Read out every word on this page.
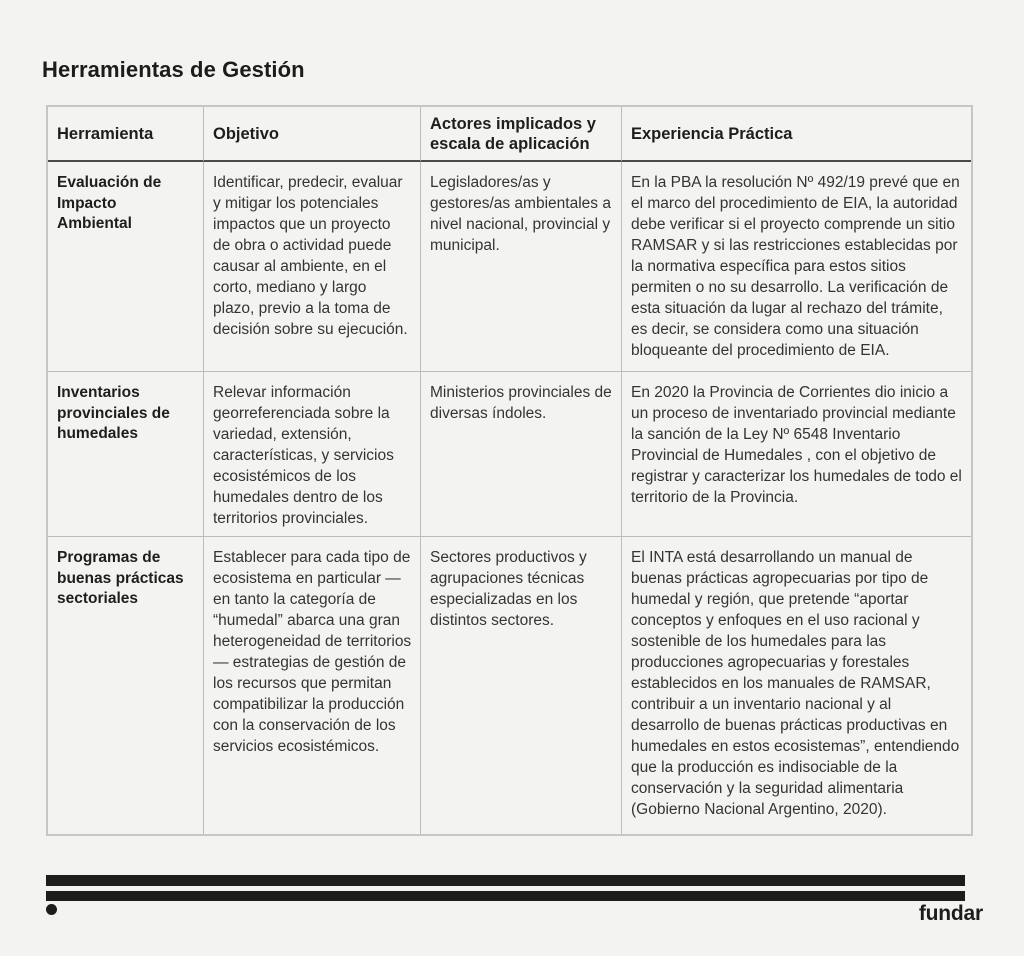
Herramientas de Gestión
Herramienta	Objetivo
Actores implicados y escala de aplicación
Experiencia Práctica
Evaluación de Impacto Ambiental
Identificar, predecir, evaluar y mitigar los potenciales impactos que un proyecto de obra o actividad puede causar al ambiente, en el corto, mediano y largo plazo, previo a la toma de decisión sobre su ejecución.
Legisladores/as y gestores/as ambientales a nivel nacional, provincial y municipal.
En la PBA la resolución Nº 492/19 prevé que en el marco del procedimiento de EIA, la autoridad debe verificar si el proyecto comprende un sitio RAMSAR y si las restricciones establecidas por la normativa específica para estos sitios permiten o no su desarrollo. La verificación de esta situación da lugar al rechazo del trámite, es decir, se considera como una situación bloqueante del procedimiento de EIA.
Inventarios provinciales de humedales
Relevar información georreferenciada sobre la variedad, extensión, características, y servicios ecosistémicos de los humedales dentro de los territorios provinciales.
Ministerios provinciales de diversas índoles.
En 2020 la Provincia de Corrientes dio inicio a un proceso de inventariado provincial mediante la sanción de la Ley Nº 6548 Inventario Provincial de Humedales , con el objetivo de registrar y caracterizar los humedales de todo el territorio de la Provincia.
Programas de buenas prácticas sectoriales
Establecer para cada tipo de ecosistema en particular —en tanto la categoría de “humedal” abarca una gran heterogeneidad de territorios— estrategias de gestión de los recursos que permitan compatibilizar la producción con la conservación de los servicios ecosistémicos.
Sectores productivos y agrupaciones técnicas especializadas en los distintos sectores.
El INTA está desarrollando un manual de buenas prácticas agropecuarias por tipo de humedal y región, que pretende “aportar conceptos y enfoques en el uso racional y sostenible de los humedales para las producciones agropecuarias y forestales establecidos en los manuales de RAMSAR, contribuir a un inventario nacional y al desarrollo de buenas prácticas productivas en humedales en estos ecosistemas”, entendiendo que la producción es indisociable de la conservación y la seguridad alimentaria (Gobierno Nacional Argentino, 2020).
fundar
